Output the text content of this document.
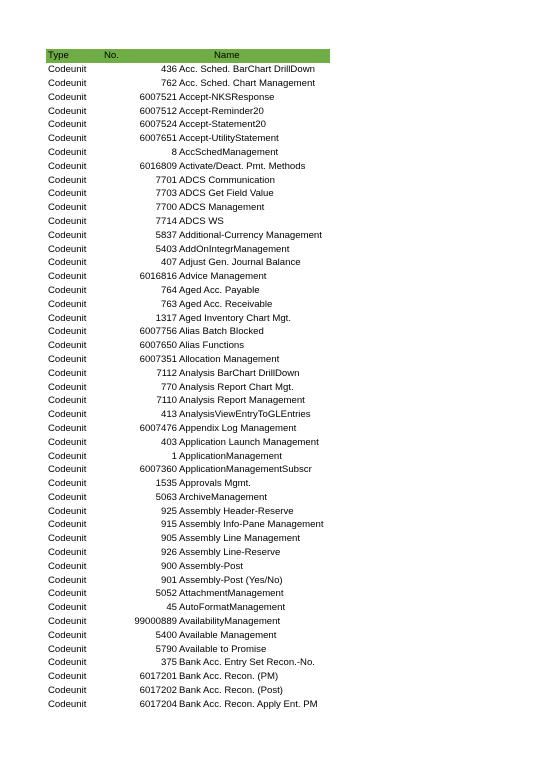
Type	No.	Name
Codeunit	436 Acc. Sched. BarChart DrillDown
Codeunit	762 Acc. Sched. Chart Management
Codeunit	6007521 Accept-NKSResponse
Codeunit	6007512 Accept-Reminder20
Codeunit	6007524 Accept-Statement20
Codeunit	6007651 Accept-UtilityStatement
Codeunit	8 AccSchedManagement
Codeunit	6016809 Activate/Deact. Pmt. Methods
Codeunit	7701 ADCS Communication
Codeunit	7703 ADCS Get Field Value
Codeunit	7700 ADCS Management
Codeunit	7714 ADCS WS
Codeunit	5837 Additional-Currency Management
Codeunit	5403 AddOnIntegrManagement
Codeunit	407 Adjust Gen. Journal Balance
Codeunit	6016816 Advice Management
Codeunit	764 Aged Acc. Payable
Codeunit	763 Aged Acc. Receivable
Codeunit	1317 Aged Inventory Chart Mgt.
Codeunit	6007756 Alias Batch Blocked
Codeunit	6007650 Alias Functions
Codeunit	6007351 Allocation Management
Codeunit	7112 Analysis BarChart DrillDown
Codeunit	770 Analysis Report Chart Mgt.
Codeunit	7110 Analysis Report Management
Codeunit	413 AnalysisViewEntryToGLEntries
Codeunit	6007476 Appendix Log Management
Codeunit	403 Application Launch Management
Codeunit	1 ApplicationManagement
Codeunit	6007360 ApplicationManagementSubscr
Codeunit	1535 Approvals Mgmt.
Codeunit	5063 ArchiveManagement
Codeunit	925 Assembly Header-Reserve
Codeunit	915 Assembly Info-Pane Management
Codeunit	905 Assembly Line Management
Codeunit	926 Assembly Line-Reserve
Codeunit	900 Assembly-Post
Codeunit	901 Assembly-Post (Yes/No)
Codeunit	5052 AttachmentManagement
Codeunit	45 AutoFormatManagement
Codeunit	99000889 AvailabilityManagement
Codeunit	5400 Available Management
Codeunit	5790 Available to Promise
Codeunit	375 Bank Acc. Entry Set Recon.-No.
Codeunit	6017201 Bank Acc. Recon. (PM)
Codeunit	6017202 Bank Acc. Recon. (Post)
Codeunit	6017204 Bank Acc. Recon. Apply Ent. PM
